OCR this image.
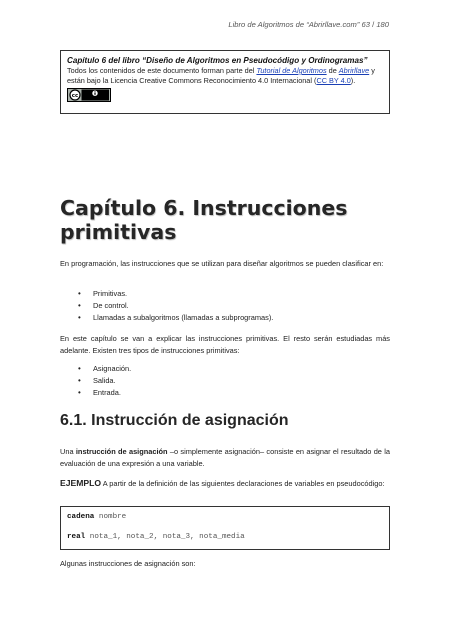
Libro de Algoritmos de “Abrirllave.com” 63 / 180

Capítulo 6 del libro “Diseño de Algoritmos en Pseudocódigo y Ordinogramas”

Todos los contenidos de este documento forman parte del Tutorial de Algoritmos de Abrirllave y están bajo la Licencia Creative Commons Reconocimiento 4.0 Internacional (CC BY 4.0).

cc
Capítulo 6. Instrucciones primitivas

En programación, las instrucciones que se utilizan para diseñar algoritmos se pueden clasificar en:

• Primitivas.
• De control.
• Llamadas a subalgoritmos (llamadas a subprogramas).

En este capítulo se van a explicar las instrucciones primitivas. El resto serán estudiadas más adelante. Existen tres tipos de instrucciones primitivas:

• Asignación.
• Salida.
• Entrada.
6.1. Instrucción de asignación

Una instrucción de asignación –o simplemente asignación– consiste en asignar el resultado de la evaluación de una expresión a una variable.

EJEMPLO A partir de la definición de las siguientes declaraciones de variables en pseudocódigo:

cadena nombre

real nota_1, nota_2, nota_3, nota_media

Algunas instrucciones de asignación son:
